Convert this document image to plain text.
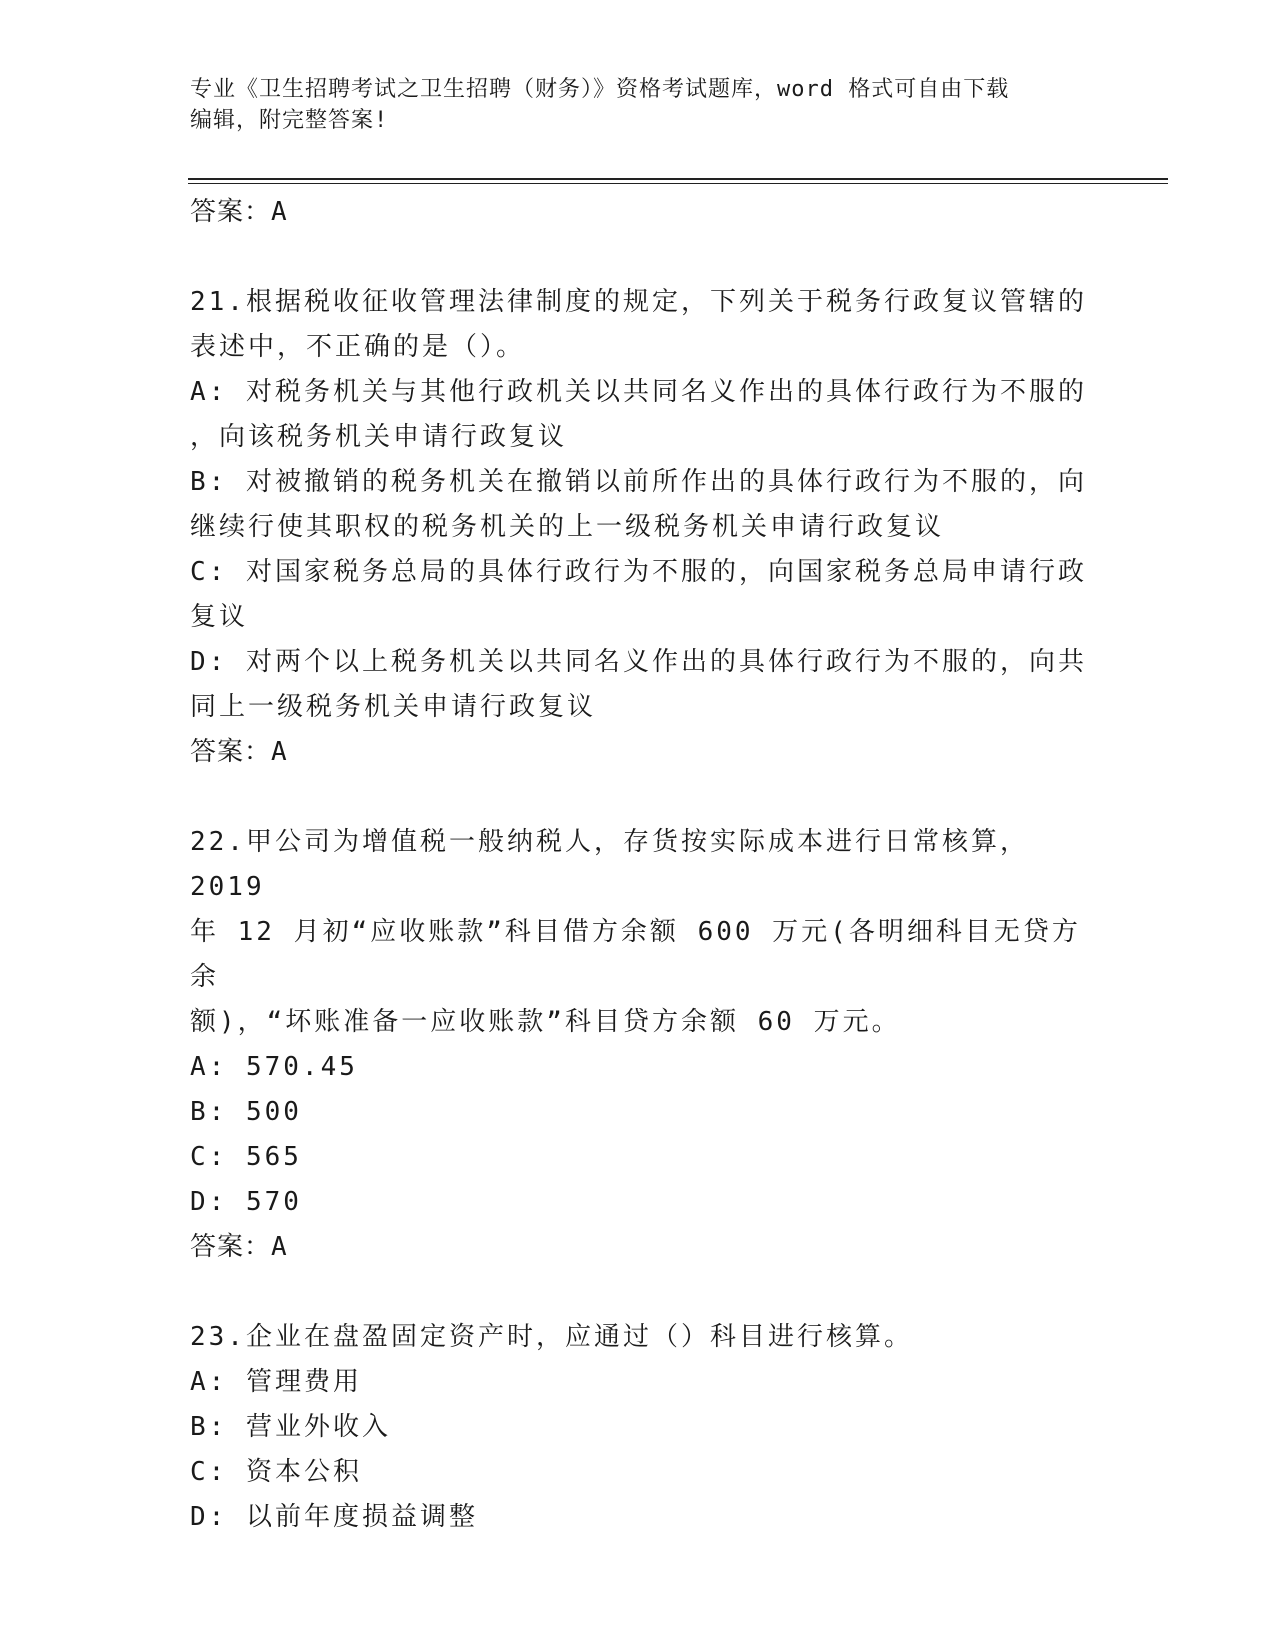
专业《卫生招聘考试之卫生招聘（财务）》资格考试题库，word 格式可自由下载
编辑，附完整答案!
答案：A
21.根据税收征收管理法律制度的规定，下列关于税务行政复议管辖的
表述中，不正确的是（）。
A: 对税务机关与其他行政机关以共同名义作出的具体行政行为不服的
，向该税务机关申请行政复议
B: 对被撤销的税务机关在撤销以前所作出的具体行政行为不服的，向
继续行使其职权的税务机关的上一级税务机关申请行政复议
C: 对国家税务总局的具体行政行为不服的，向国家税务总局申请行政
复议
D: 对两个以上税务机关以共同名义作出的具体行政行为不服的，向共
同上一级税务机关申请行政复议
答案：A
22.甲公司为增值税一般纳税人，存货按实际成本进行日常核算，2019
年 12 月初“应收账款”科目借方余额 600 万元(各明细科目无贷方余
额)，“坏账准备一应收账款”科目贷方余额 60 万元。
A: 570.45
B: 500
C: 565
D: 570
答案：A
23.企业在盘盈固定资产时，应通过（）科目进行核算。
A: 管理费用
B: 营业外收入
C: 资本公积
D: 以前年度损益调整
